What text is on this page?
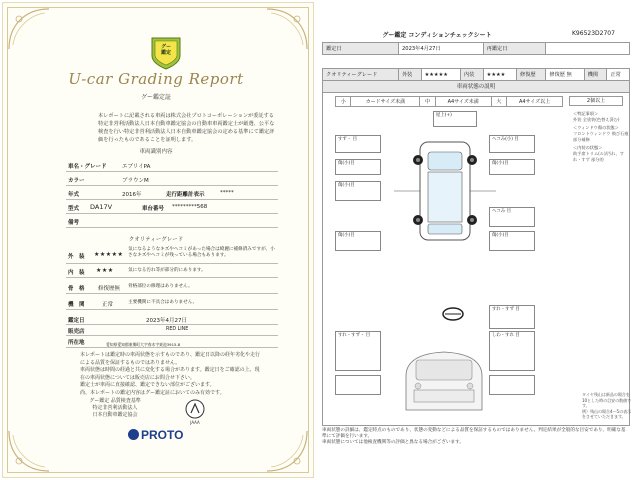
グー
鑑定
U-car Grading Report
グー鑑定証
本レポートに記載される車両は株式会社プロトコーポレーションが委託する特定非営利活動法人日本自動車鑑定協会の自動車車両鑑定士が厳選、公平な検査を行い特定非営利活動法人日本自動車鑑定協会の定める基準にて鑑定評価を行ったものであることを証明します。
車両識別内容
車名・グレード	エブリイPA
カラー	ブラウンM
年式	2016年	走行距離計表示	*****
型式 DA17V	車台番号 *********568
備考
クオリティーグレード
外　装 ★★★★★
気になるようなキズやヘコミがあった場合は綺麗に補修済みですが、小さなキズやヘコミが残っている場合もあります。
内　装 ★★★	気になる汚れ等が部分的にあります。
骨　格 修復歴無 骨格部位の修理はありません。
機　関	正常	主要機関に不具合はありません。
鑑定日	2023年4月27日
販売店	RED LINE
所在地	愛知県愛知郡東郷町大字春木字東池3915-8
本レポートは鑑定時の車両状態を示すものであり、鑑定日以降の経年劣化や走行による品質を保証するものではありません。
車両状態は時間の経過と共に変化する場合があります。鑑定日をご確認の上、現在の車両状態については販売店にお問合せ下さい。
鑑定士が車両に直接確認、鑑定できない部位がございます。
尚、本レポートの鑑定内容はグー鑑定証においてのみ有効です。
グー鑑定 品質検査基準
特定非営利活動法人
日本自動車鑑定協会
JAAA
PROTO
グー鑑定 コンディションチェックシート	K96523D2707
鑑定日	2023年4月27日			再鑑定日				

クオリティーグレード	外装	★★★★★	内装	★★★★	修復歴	修復歴 無	機関	正常
車両状態の説明
小	カードサイズ未満	中	A4サイズ未満	大	A4サイズ以上	2個以上
＜特記事項＞
外装 全塗装(色替え済む)
＜ウィンドウ傷の状態＞
フロントウィンドウ 飛び石痕 部分補修
＜内装の状態＞
助手席トリム(ル)/汚れ、すれ・すず 部分的
屋上(+)
すず・ 目	ヘコみ(小) 目
傷(小)目	傷(小)目
傷(小)目
ヘコみ 目
傷(小)目	傷(小)目
すれ・すず・ 目
すれ・すず 目
しわ・すれ 目
タイヤ残山は新品の場合を10とした時の目安の数値です。
例）残山の場合4〜5の表示をさせていただきます。
車両状態の詳細は、鑑定時点のものであり、状態の変動などによる品質を保証するものではありません。判定結果が全般的な目安であり、明確な基準にて評価を行います。
車両状態については他検査機関等の評価と異なる場合がございます。
